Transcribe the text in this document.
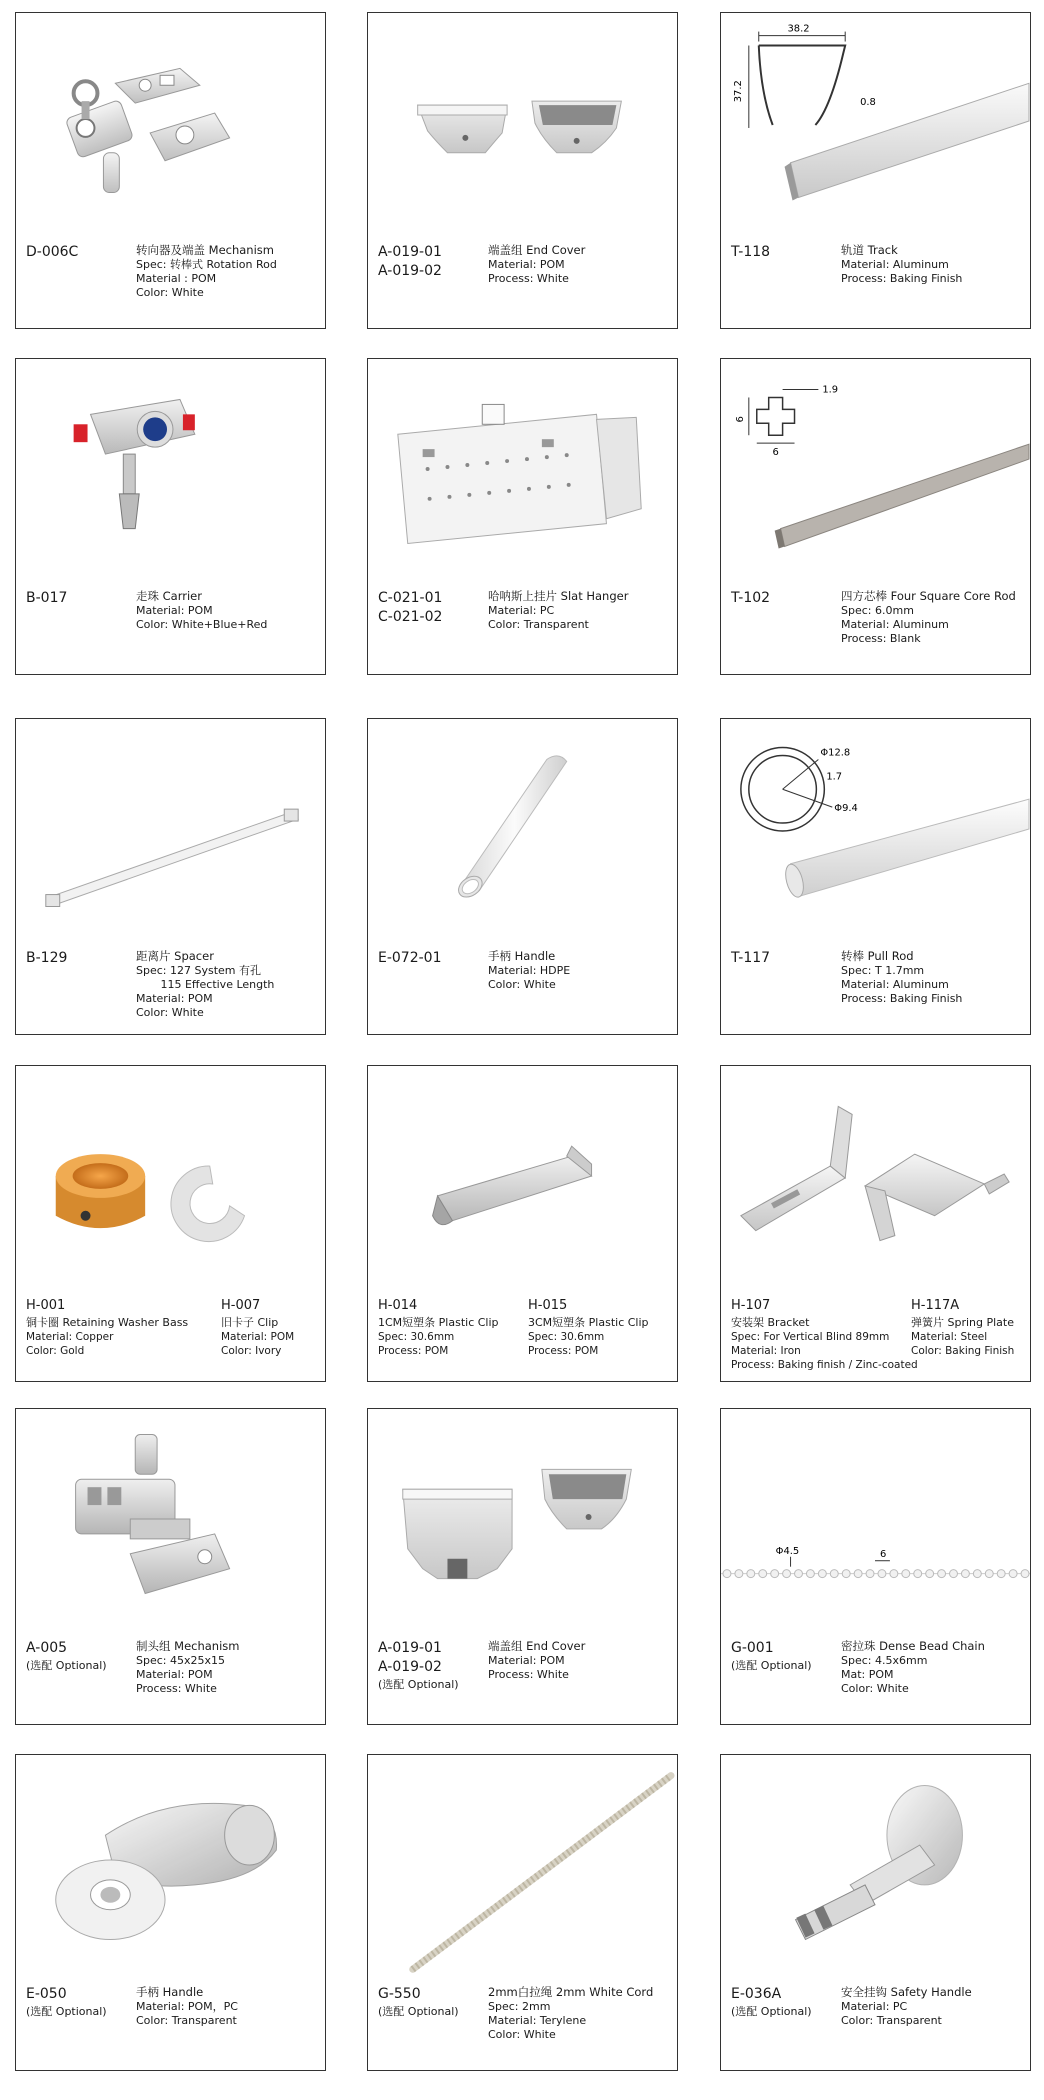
D-006C	转向器及端盖 Mechanism
Spec: 转棒式 Rotation Rod
Material : POM
Color: White
A-019-01
A-019-02
端盖组 End Cover
Material: POM
Process: White
38.2
37.2
0.8
T-118	轨道 Track
Material: Aluminum
Process: Baking Finish
B-017	走珠 Carrier
Material: POM
Color: White+Blue+Red
C-021-01
C-021-02
哈呐斯上挂片 Slat Hanger
Material: PC
Color: Transparent
1.9
6
6
T-102	四方芯棒 Four Square Core Rod
Spec: 6.0mm
Material: Aluminum
Process: Blank
B-129	距离片 Spacer
Spec: 127 System 有孔
115 Effective Length
Material: POM
Color: White
E-072-01	手柄 Handle
Material: HDPE
Color: White
Φ12.8
1.7
Φ9.4
T-117	转棒 Pull Rod
Spec: T 1.7mm
Material: Aluminum
Process: Baking Finish
H-001
铜卡圈 Retaining Washer Bass
Material: Copper
Color: Gold
H-007
旧卡子 Clip
Material: POM
Color: Ivory
H-014
1CM短塑条 Plastic Clip
Spec: 30.6mm
Process: POM
H-015
3CM短塑条 Plastic Clip
Spec: 30.6mm
Process: POM
H-107
安装架 Bracket
Spec: For Vertical Blind 89mm
Material: Iron
Process: Baking finish / Zinc-coated
H-117A
弹簧片 Spring Plate
Material: Steel
Color: Baking Finish
A-005
(选配 Optional)
制头组 Mechanism
Spec: 45x25x15
Material: POM
Process: White
A-019-01
A-019-02
(选配 Optional)
端盖组 End Cover
Material: POM
Process: White
Φ4.5	6
G-001
(选配 Optional)
密拉珠 Dense Bead Chain
Spec: 4.5x6mm
Mat: POM
Color: White
E-050
(选配 Optional)
手柄 Handle
Material: POM，PC
Color: Transparent
G-550
(选配 Optional)
2mm白拉绳 2mm White Cord
Spec: 2mm
Material: Terylene
Color: White
E-036A
(选配 Optional)
安全挂钩 Safety Handle
Material: PC
Color: Transparent
